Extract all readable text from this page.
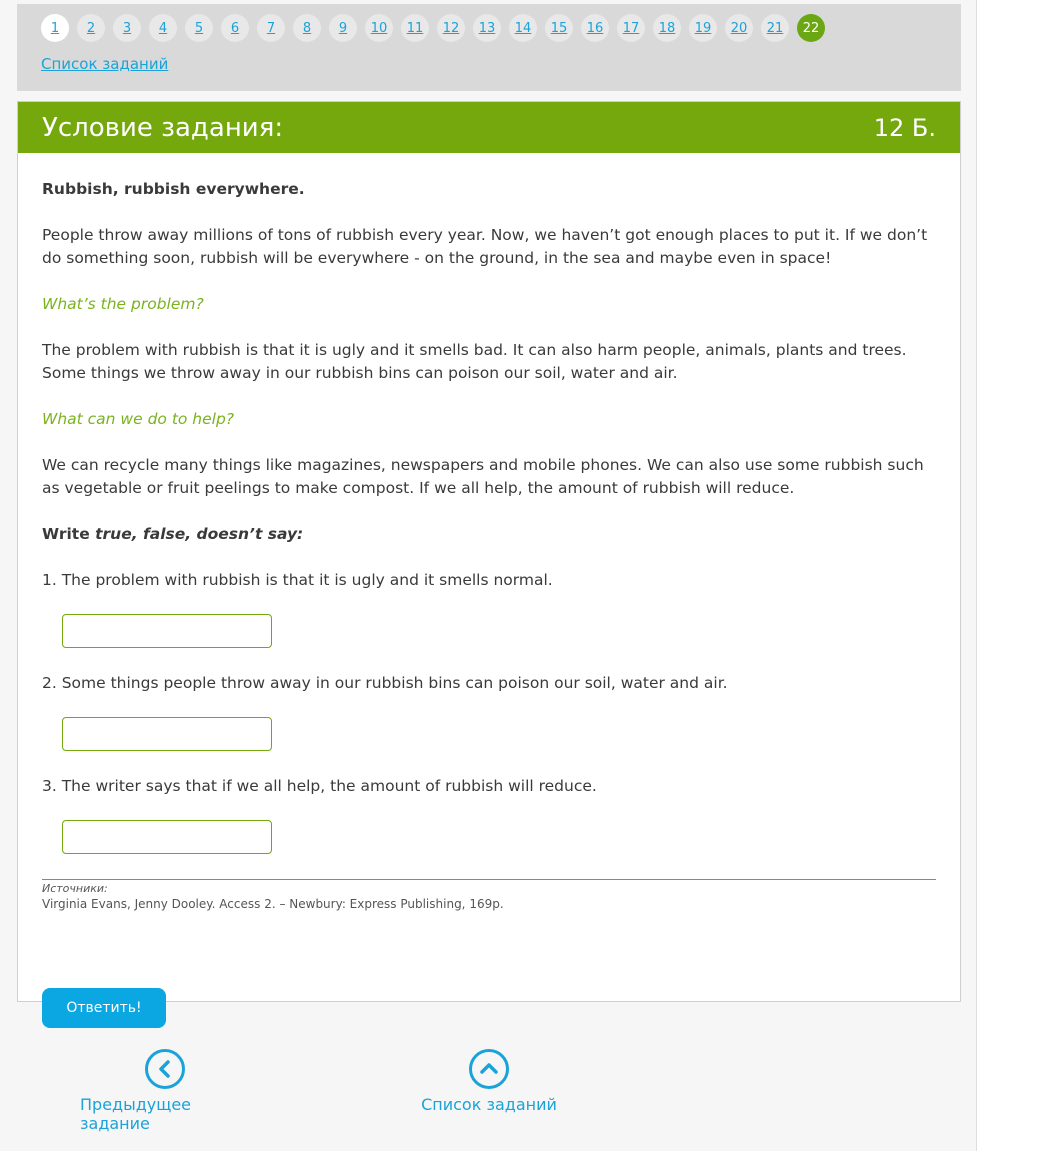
1	2	3	4	5	6	7	8	9	10	11	12	13	14	15	16	17	18	19	20	21	22
Список заданий
Условие задания:	12 Б.
Rubbish, rubbish everywhere.
People throw away millions of tons of rubbish every year. Now, we haven’t got enough places to put it. If we don’t do something soon, rubbish will be everywhere - on the ground, in the sea and maybe even in space!
What’s the problem?
The problem with rubbish is that it is ugly and it smells bad. It can also harm people, animals, plants and trees. Some things we throw away in our rubbish bins can poison our soil, water and air.
What can we do to help?
We can recycle many things like magazines, newspapers and mobile phones. We can also use some rubbish such as vegetable or fruit peelings to make compost. If we all help, the amount of rubbish will reduce.
Write true, false, doesn’t say:
1. The problem with rubbish is that it is ugly and it smells normal.
2. Some things people throw away in our rubbish bins can poison our soil, water and air.
3. The writer says that if we all help, the amount of rubbish will reduce.
Источники:
Virginia Evans, Jenny Dooley. Access 2. – Newbury: Express Publishing, 169p.
Ответить!
Предыдущее задание
Список заданий
